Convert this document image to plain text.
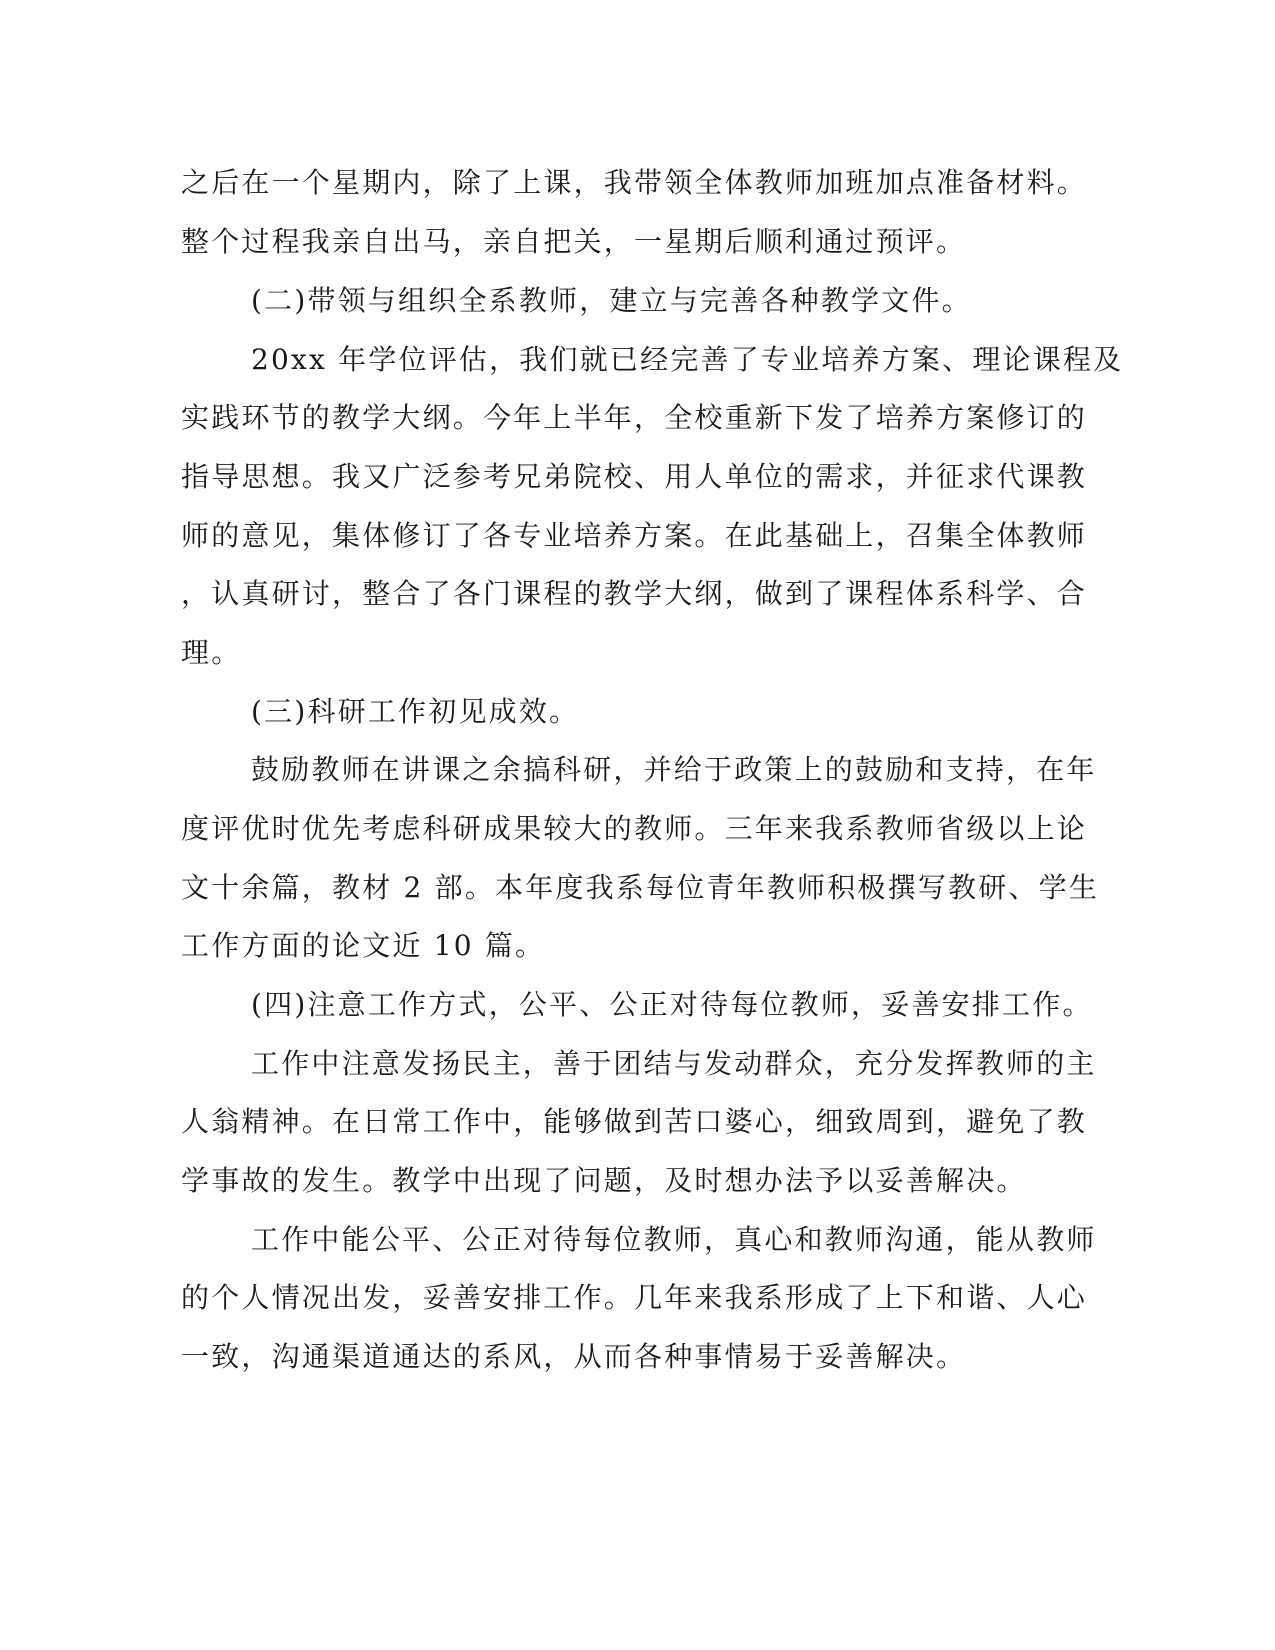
之后在一个星期内，除了上课，我带领全体教师加班加点准备材料。
整个过程我亲自出马，亲自把关，一星期后顺利通过预评。
(二)带领与组织全系教师，建立与完善各种教学文件。
20xx 年学位评估，我们就已经完善了专业培养方案、理论课程及
实践环节的教学大纲。今年上半年，全校重新下发了培养方案修订的
指导思想。我又广泛参考兄弟院校、用人单位的需求，并征求代课教
师的意见，集体修订了各专业培养方案。在此基础上，召集全体教师
，认真研讨，整合了各门课程的教学大纲，做到了课程体系科学、合
理。
(三)科研工作初见成效。
鼓励教师在讲课之余搞科研，并给于政策上的鼓励和支持，在年
度评优时优先考虑科研成果较大的教师。三年来我系教师省级以上论
文十余篇，教材 2 部。本年度我系每位青年教师积极撰写教研、学生
工作方面的论文近 10 篇。
(四)注意工作方式，公平、公正对待每位教师，妥善安排工作。
工作中注意发扬民主，善于团结与发动群众，充分发挥教师的主
人翁精神。在日常工作中，能够做到苦口婆心，细致周到，避免了教
学事故的发生。教学中出现了问题，及时想办法予以妥善解决。
工作中能公平、公正对待每位教师，真心和教师沟通，能从教师
的个人情况出发，妥善安排工作。几年来我系形成了上下和谐、人心
一致，沟通渠道通达的系风，从而各种事情易于妥善解决。
